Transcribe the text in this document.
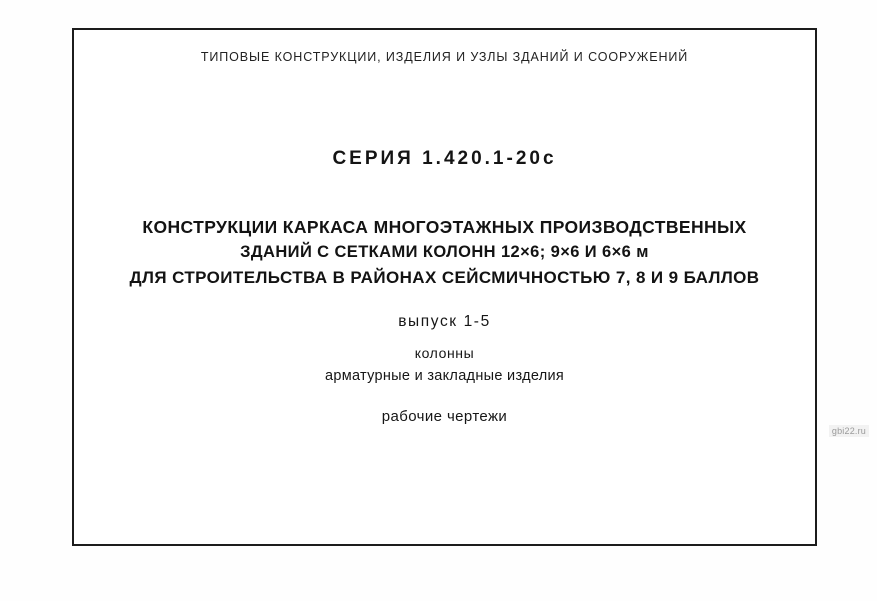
ТИПОВЫЕ КОНСТРУКЦИИ, ИЗДЕЛИЯ И УЗЛЫ ЗДАНИЙ И СООРУЖЕНИЙ
СЕРИЯ 1.420.1-20с
КОНСТРУКЦИИ КАРКАСА МНОГОЭТАЖНЫХ ПРОИЗВОДСТВЕННЫХ
ЗДАНИЙ С СЕТКАМИ КОЛОНН 12×6; 9×6 И 6×6 м
ДЛЯ СТРОИТЕЛЬСТВА В РАЙОНАХ СЕЙСМИЧНОСТЬЮ 7, 8 И 9 БАЛЛОВ
выпуск 1-5
колонны
арматурные и закладные изделия
рабочие чертежи
gbi22.ru
